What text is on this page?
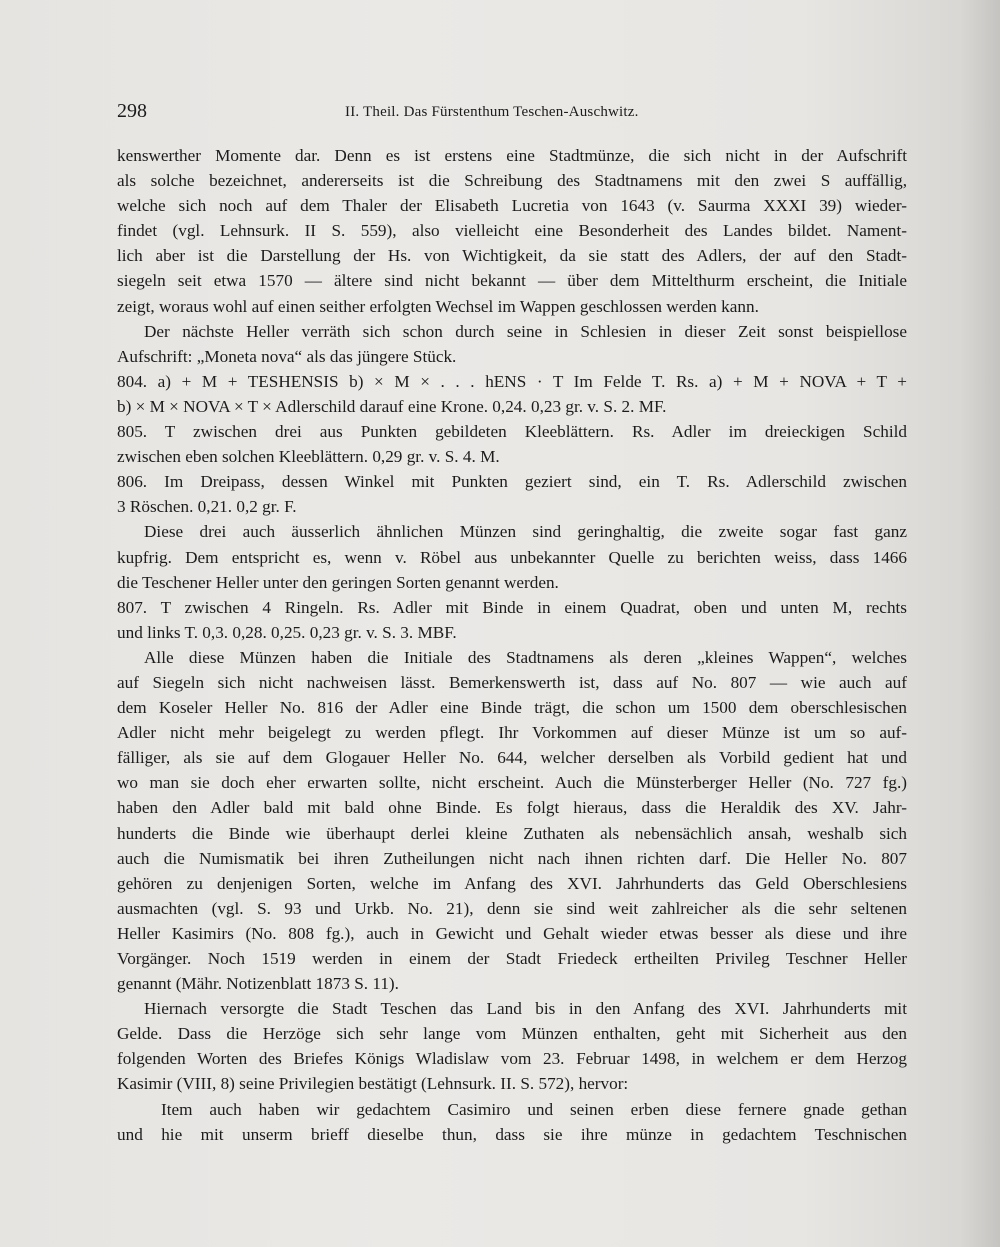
298	II. Theil. Das Fürstenthum Teschen-Auschwitz.
kenswerther Momente dar. Denn es ist erstens eine Stadtmünze, die sich nicht in der Aufschrift
als solche bezeichnet, andererseits ist die Schreibung des Stadtnamens mit den zwei S auffällig,
welche sich noch auf dem Thaler der Elisabeth Lucretia von 1643 (v. Saurma XXXI 39) wieder-
findet (vgl. Lehnsurk. II S. 559), also vielleicht eine Besonderheit des Landes bildet. Nament-
lich aber ist die Darstellung der Hs. von Wichtigkeit, da sie statt des Adlers, der auf den Stadt-
siegeln seit etwa 1570 — ältere sind nicht bekannt — über dem Mittelthurm erscheint, die Initiale
zeigt, woraus wohl auf einen seither erfolgten Wechsel im Wappen geschlossen werden kann.
Der nächste Heller verräth sich schon durch seine in Schlesien in dieser Zeit sonst beispiellose
Aufschrift: „Moneta nova“ als das jüngere Stück.
804. a) + M + TESHENSIS b) × M × . . . hENS · T Im Felde T. Rs. a) + M + NOVA + T +
b) × M × NOVA × T × Adlerschild darauf eine Krone. 0,24. 0,23 gr. v. S. 2. MF.
805. T zwischen drei aus Punkten gebildeten Kleeblättern. Rs. Adler im dreieckigen Schild
zwischen eben solchen Kleeblättern. 0,29 gr. v. S. 4. M.
806. Im Dreipass, dessen Winkel mit Punkten geziert sind, ein T. Rs. Adlerschild zwischen
3 Röschen. 0,21. 0,2 gr. F.
Diese drei auch äusserlich ähnlichen Münzen sind geringhaltig, die zweite sogar fast ganz
kupfrig. Dem entspricht es, wenn v. Röbel aus unbekannter Quelle zu berichten weiss, dass 1466
die Teschener Heller unter den geringen Sorten genannt werden.
807. T zwischen 4 Ringeln. Rs. Adler mit Binde in einem Quadrat, oben und unten M, rechts
und links T. 0,3. 0,28. 0,25. 0,23 gr. v. S. 3. MBF.
Alle diese Münzen haben die Initiale des Stadtnamens als deren „kleines Wappen“, welches
auf Siegeln sich nicht nachweisen lässt. Bemerkenswerth ist, dass auf No. 807 — wie auch auf
dem Koseler Heller No. 816 der Adler eine Binde trägt, die schon um 1500 dem oberschlesischen
Adler nicht mehr beigelegt zu werden pflegt. Ihr Vorkommen auf dieser Münze ist um so auf-
fälliger, als sie auf dem Glogauer Heller No. 644, welcher derselben als Vorbild gedient hat und
wo man sie doch eher erwarten sollte, nicht erscheint. Auch die Münsterberger Heller (No. 727 fg.)
haben den Adler bald mit bald ohne Binde. Es folgt hieraus, dass die Heraldik des XV. Jahr-
hunderts die Binde wie überhaupt derlei kleine Zuthaten als nebensächlich ansah, weshalb sich
auch die Numismatik bei ihren Zutheilungen nicht nach ihnen richten darf. Die Heller No. 807
gehören zu denjenigen Sorten, welche im Anfang des XVI. Jahrhunderts das Geld Oberschlesiens
ausmachten (vgl. S. 93 und Urkb. No. 21), denn sie sind weit zahlreicher als die sehr seltenen
Heller Kasimirs (No. 808 fg.), auch in Gewicht und Gehalt wieder etwas besser als diese und ihre
Vorgänger. Noch 1519 werden in einem der Stadt Friedeck ertheilten Privileg Teschner Heller
genannt (Mähr. Notizenblatt 1873 S. 11).
Hiernach versorgte die Stadt Teschen das Land bis in den Anfang des XVI. Jahrhunderts mit
Gelde. Dass die Herzöge sich sehr lange vom Münzen enthalten, geht mit Sicherheit aus den
folgenden Worten des Briefes Königs Wladislaw vom 23. Februar 1498, in welchem er dem Herzog
Kasimir (VIII, 8) seine Privilegien bestätigt (Lehnsurk. II. S. 572), hervor:
Item auch haben wir gedachtem Casimiro und seinen erben diese fernere gnade gethan
und hie mit unserm brieff dieselbe thun, dass sie ihre münze in gedachtem Teschnischen
